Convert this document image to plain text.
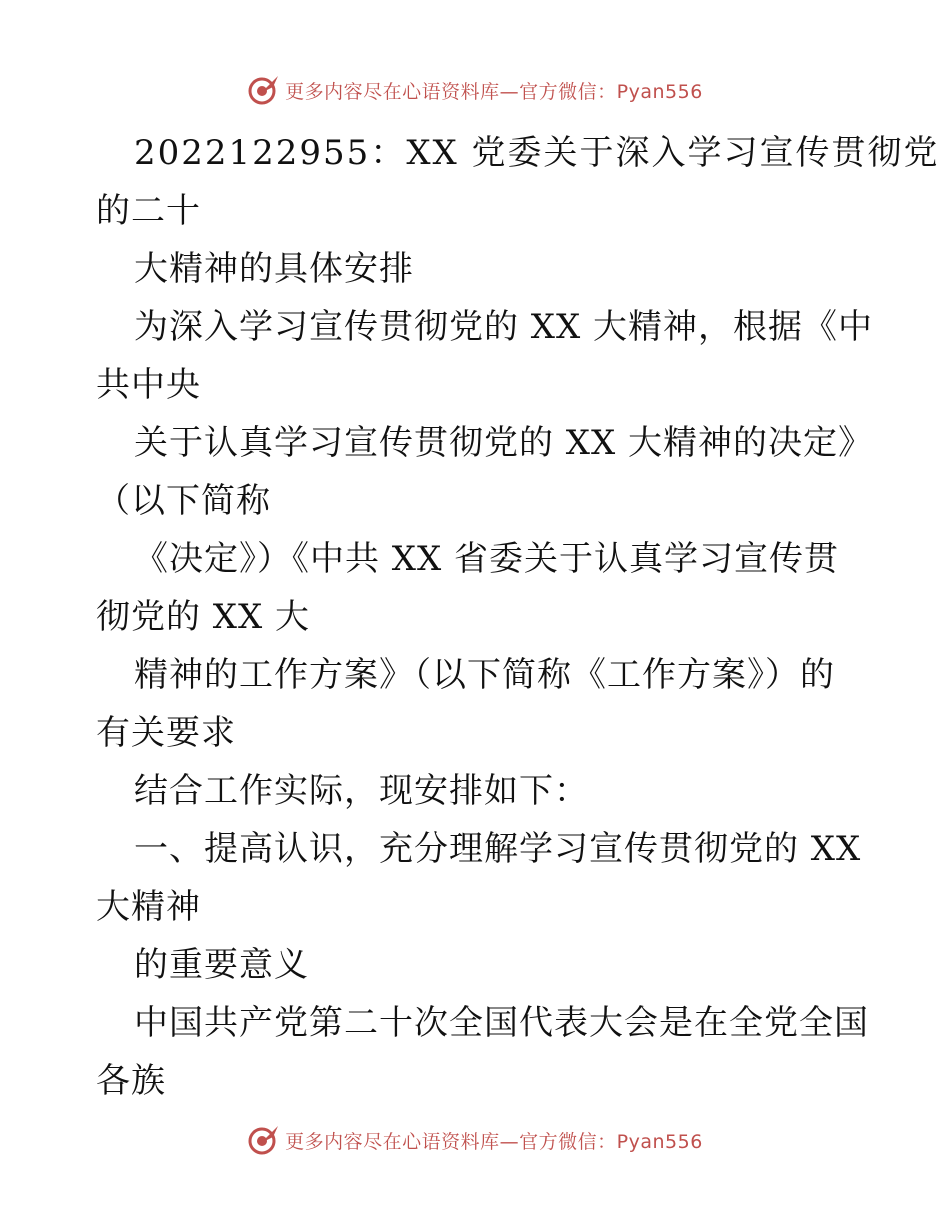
更多内容尽在心语资料库—官方微信：Pyan556
2022122955：XX 党委关于深入学习宣传贯彻党
的二十
大精神的具体安排
为深入学习宣传贯彻党的 XX 大精神，根据《中
共中央
关于认真学习宣传贯彻党的 XX 大精神的决定》
（以下简称
《决定》）《中共 XX 省委关于认真学习宣传贯
彻党的 XX 大
精神的工作方案》（以下简称《工作方案》）的
有关要求
结合工作实际，现安排如下：
一、提高认识，充分理解学习宣传贯彻党的 XX
大精神
的重要意义
中国共产党第二十次全国代表大会是在全党全国
各族
更多内容尽在心语资料库—官方微信：Pyan556
